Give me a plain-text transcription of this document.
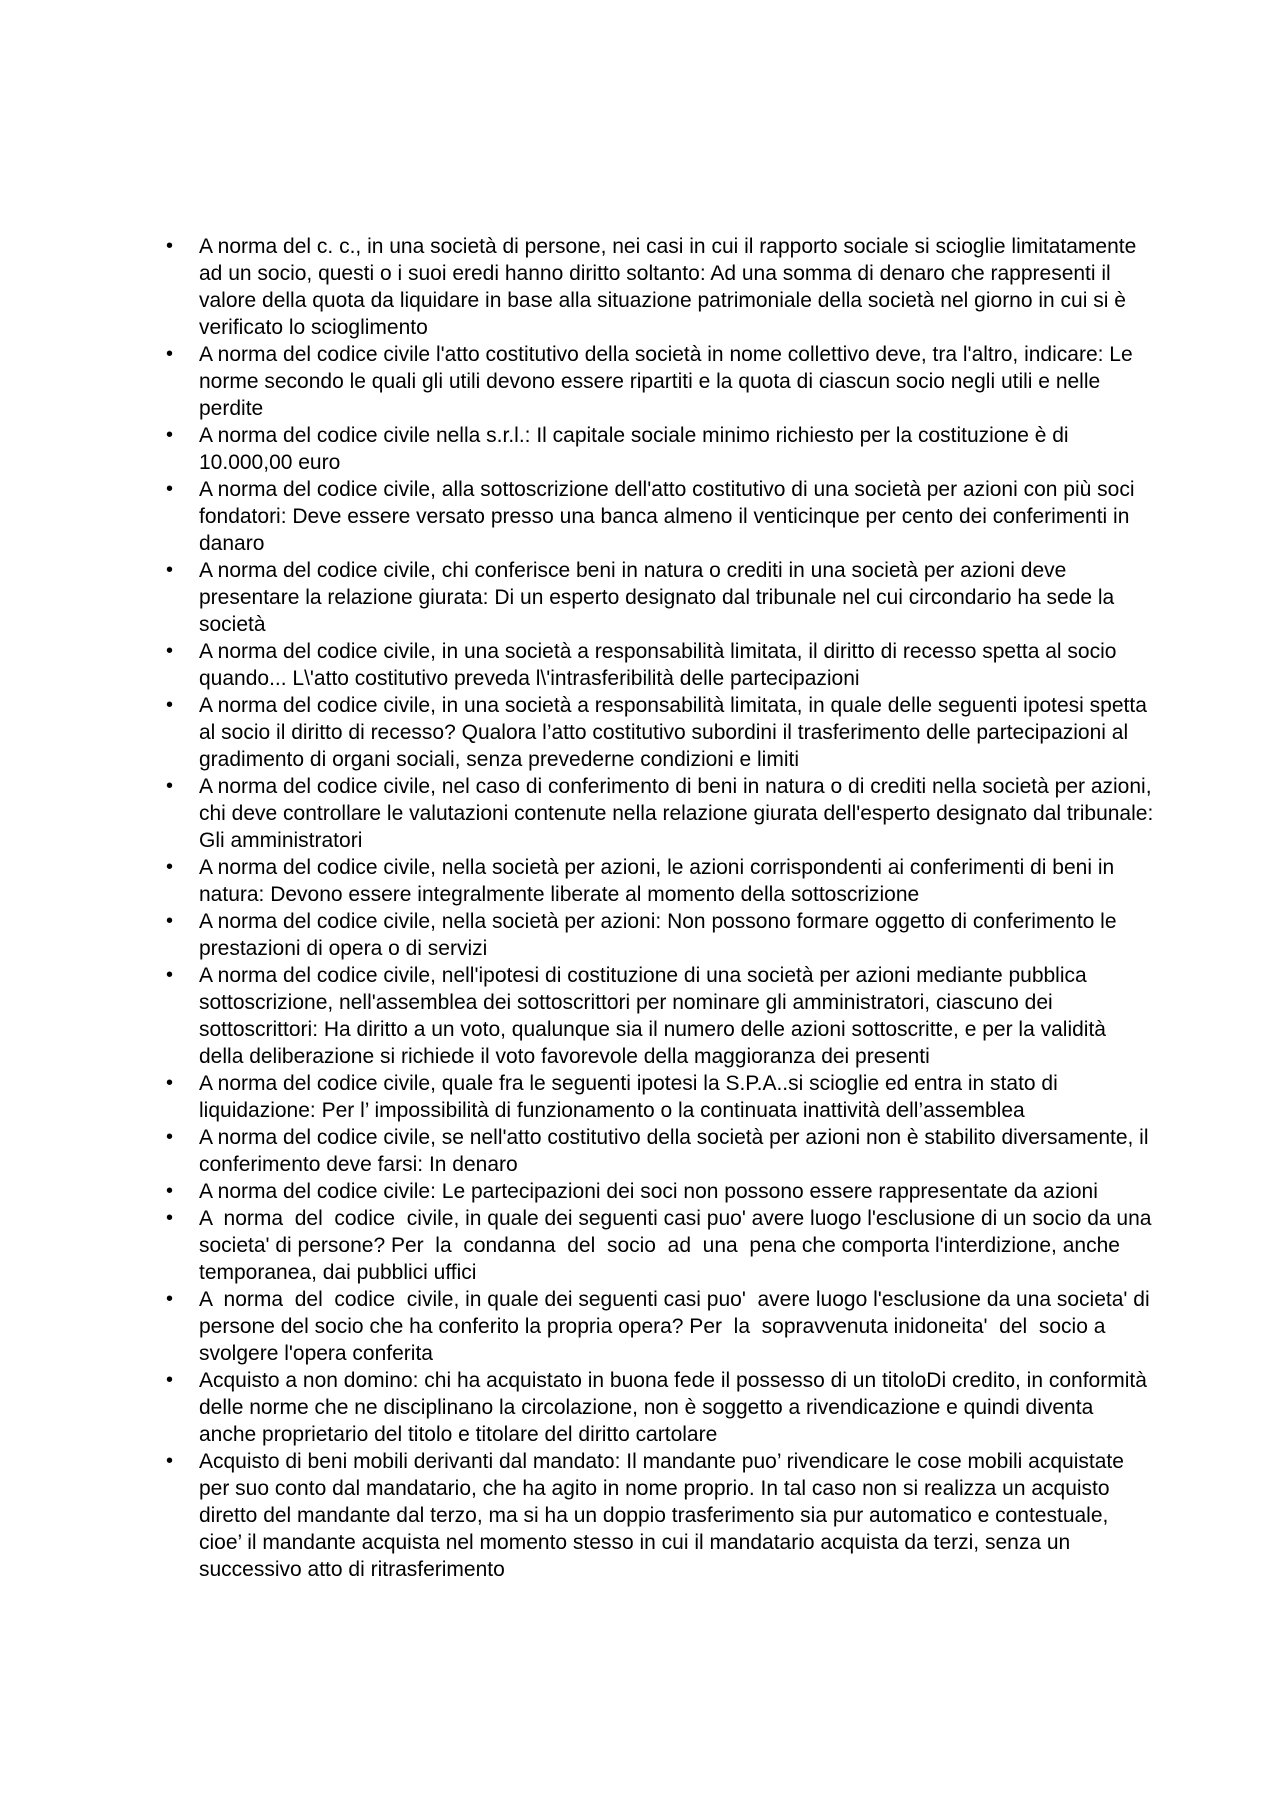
•	A norma del c. c., in una società di persone, nei casi in cui il rapporto sociale si scioglie limitatamente ad un socio, questi o i suoi eredi hanno diritto soltanto: Ad una somma di denaro che rappresenti il valore della quota da liquidare in base alla situazione patrimoniale della società nel giorno in cui si è verificato lo scioglimento
•	A norma del codice civile l'atto costitutivo della società in nome collettivo deve, tra l'altro, indicare: Le norme secondo le quali gli utili devono essere ripartiti e la quota di ciascun socio negli utili e nelle perdite
•	A norma del codice civile nella s.r.l.: Il capitale sociale minimo richiesto per la costituzione è di 10.000,00 euro
•	A norma del codice civile, alla sottoscrizione dell'atto costitutivo di una società per azioni con più soci fondatori: Deve essere versato presso una banca almeno il venticinque per cento dei conferimenti in danaro
•	A norma del codice civile, chi conferisce beni in natura o crediti in una società per azioni deve presentare la relazione giurata: Di un esperto designato dal tribunale nel cui circondario ha sede la società
•	A norma del codice civile, in una società a responsabilità limitata, il diritto di recesso spetta al socio quando... L\'atto costitutivo preveda l\'intrasferibilità delle partecipazioni
•	A norma del codice civile, in una società a responsabilità limitata, in quale delle seguenti ipotesi spetta al socio il diritto di recesso? Qualora l’atto costitutivo subordini il trasferimento delle partecipazioni al gradimento di organi sociali, senza prevederne condizioni e limiti
•	A norma del codice civile, nel caso di conferimento di beni in natura o di crediti nella società per azioni, chi deve controllare le valutazioni contenute nella relazione giurata dell'esperto designato dal tribunale: Gli amministratori
•	A norma del codice civile, nella società per azioni, le azioni corrispondenti ai conferimenti di beni in natura: Devono essere integralmente liberate al momento della sottoscrizione
•	A norma del codice civile, nella società per azioni: Non possono formare oggetto di conferimento le prestazioni di opera o di servizi
•	A norma del codice civile, nell'ipotesi di costituzione di una società per azioni mediante pubblica sottoscrizione, nell'assemblea dei sottoscrittori per nominare gli amministratori, ciascuno dei sottoscrittori: Ha diritto a un voto, qualunque sia il numero delle azioni sottoscritte, e per la validità della deliberazione si richiede il voto favorevole della maggioranza dei presenti
•	A norma del codice civile, quale fra le seguenti ipotesi la S.P.A..si scioglie ed entra in stato di liquidazione: Per l’ impossibilità di funzionamento o la continuata inattività dell’assemblea
•	A norma del codice civile, se nell'atto costitutivo della società per azioni non è stabilito diversamente, il conferimento deve farsi: In denaro
•	A norma del codice civile: Le partecipazioni dei soci non possono essere rappresentate da azioni
•	A  norma  del  codice  civile, in quale dei seguenti casi puo' avere luogo l'esclusione di un socio da una societa' di persone? Per  la  condanna  del  socio  ad  una  pena che comporta l'interdizione, anche temporanea, dai pubblici uffici
•	A  norma  del  codice  civile, in quale dei seguenti casi puo'  avere luogo l'esclusione da una societa' di persone del socio che ha conferito la propria opera? Per  la  sopravvenuta inidoneita'  del  socio a svolgere l'opera conferita
•	Acquisto a non domino: chi ha acquistato in buona fede il possesso di un titoloDi credito, in conformità delle norme che ne disciplinano la circolazione, non è soggetto a rivendicazione e quindi diventa anche proprietario del titolo e titolare del diritto cartolare
•	Acquisto di beni mobili derivanti dal mandato: Il mandante puo’ rivendicare le cose mobili acquistate per suo conto dal mandatario, che ha agito in nome proprio. In tal caso non si realizza un acquisto diretto del mandante dal terzo, ma si ha un doppio trasferimento sia pur automatico e contestuale, cioe’ il mandante acquista nel momento stesso in cui il mandatario acquista da terzi, senza un successivo atto di ritrasferimento
